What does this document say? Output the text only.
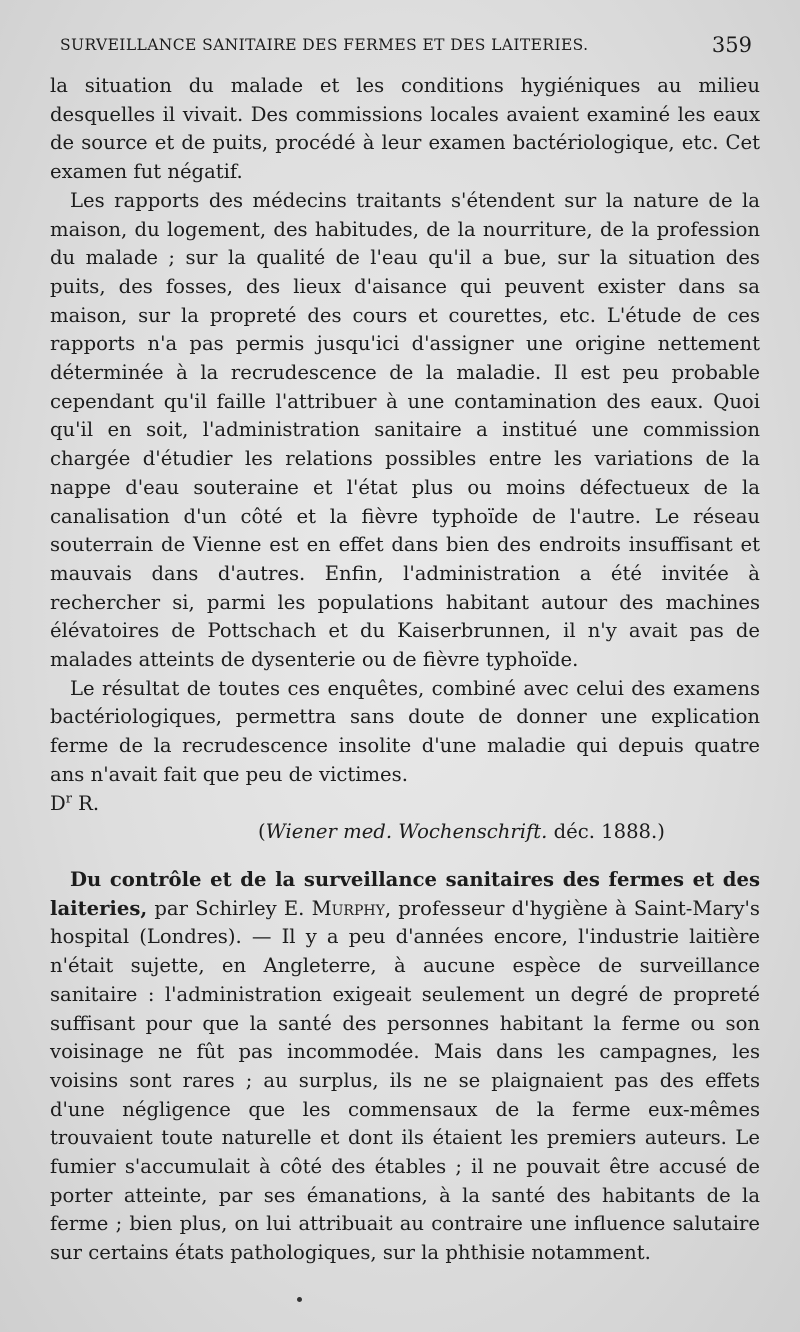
SURVEILLANCE SANITAIRE DES FERMES ET DES LAITERIES.	359

la situation du malade et les conditions hygiéniques au milieu desquelles il vivait. Des commissions locales avaient examiné les eaux de source et de puits, procédé à leur examen bactériologique, etc. Cet examen fut négatif.

Les rapports des médecins traitants s'étendent sur la nature de la maison, du logement, des habitudes, de la nourriture, de la profession du malade ; sur la qualité de l'eau qu'il a bue, sur la situation des puits, des fosses, des lieux d'aisance qui peuvent exister dans sa maison, sur la propreté des cours et courettes, etc. L'étude de ces rapports n'a pas permis jusqu'ici d'assigner une origine nettement déterminée à la recrudescence de la maladie. Il est peu probable cependant qu'il faille l'attribuer à une contamination des eaux. Quoi qu'il en soit, l'administration sanitaire a institué une commission chargée d'étudier les relations possibles entre les variations de la nappe d'eau souteraine et l'état plus ou moins défectueux de la canalisation d'un côté et la fièvre typhoïde de l'autre. Le réseau souterrain de Vienne est en effet dans bien des endroits insuffisant et mauvais dans d'autres. Enfin, l'administration a été invitée à rechercher si, parmi les populations habitant autour des machines élévatoires de Pottschach et du Kaiserbrunnen, il n'y avait pas de malades atteints de dysenterie ou de fièvre typhoïde.

Le résultat de toutes ces enquêtes, combiné avec celui des examens bactériologiques, permettra sans doute de donner une explication ferme de la recrudescence insolite d'une maladie qui depuis quatre ans n'avait fait que peu de victimes.

$D^r$ R.

(Wiener med. Wochenschrift. déc. 1888.)

Du contrôle et de la surveillance sanitaires des fermes et des laiteries, par Schirley E. Murphy, professeur d'hygiène à Saint-Mary's hospital (Londres). — Il y a peu d'années encore, l'industrie laitière n'était sujette, en Angleterre, à aucune espèce de surveillance sanitaire : l'administration exigeait seulement un degré de propreté suffisant pour que la santé des personnes habitant la ferme ou son voisinage ne fût pas incommodée. Mais dans les campagnes, les voisins sont rares ; au surplus, ils ne se plaignaient pas des effets d'une négligence que les commensaux de la ferme eux-mêmes trouvaient toute naturelle et dont ils étaient les premiers auteurs. Le fumier s'accumulait à côté des étables ; il ne pouvait être accusé de porter atteinte, par ses émanations, à la santé des habitants de la ferme ; bien plus, on lui attribuait au contraire une influence salutaire sur certains états pathologiques, sur la phthisie notamment.
